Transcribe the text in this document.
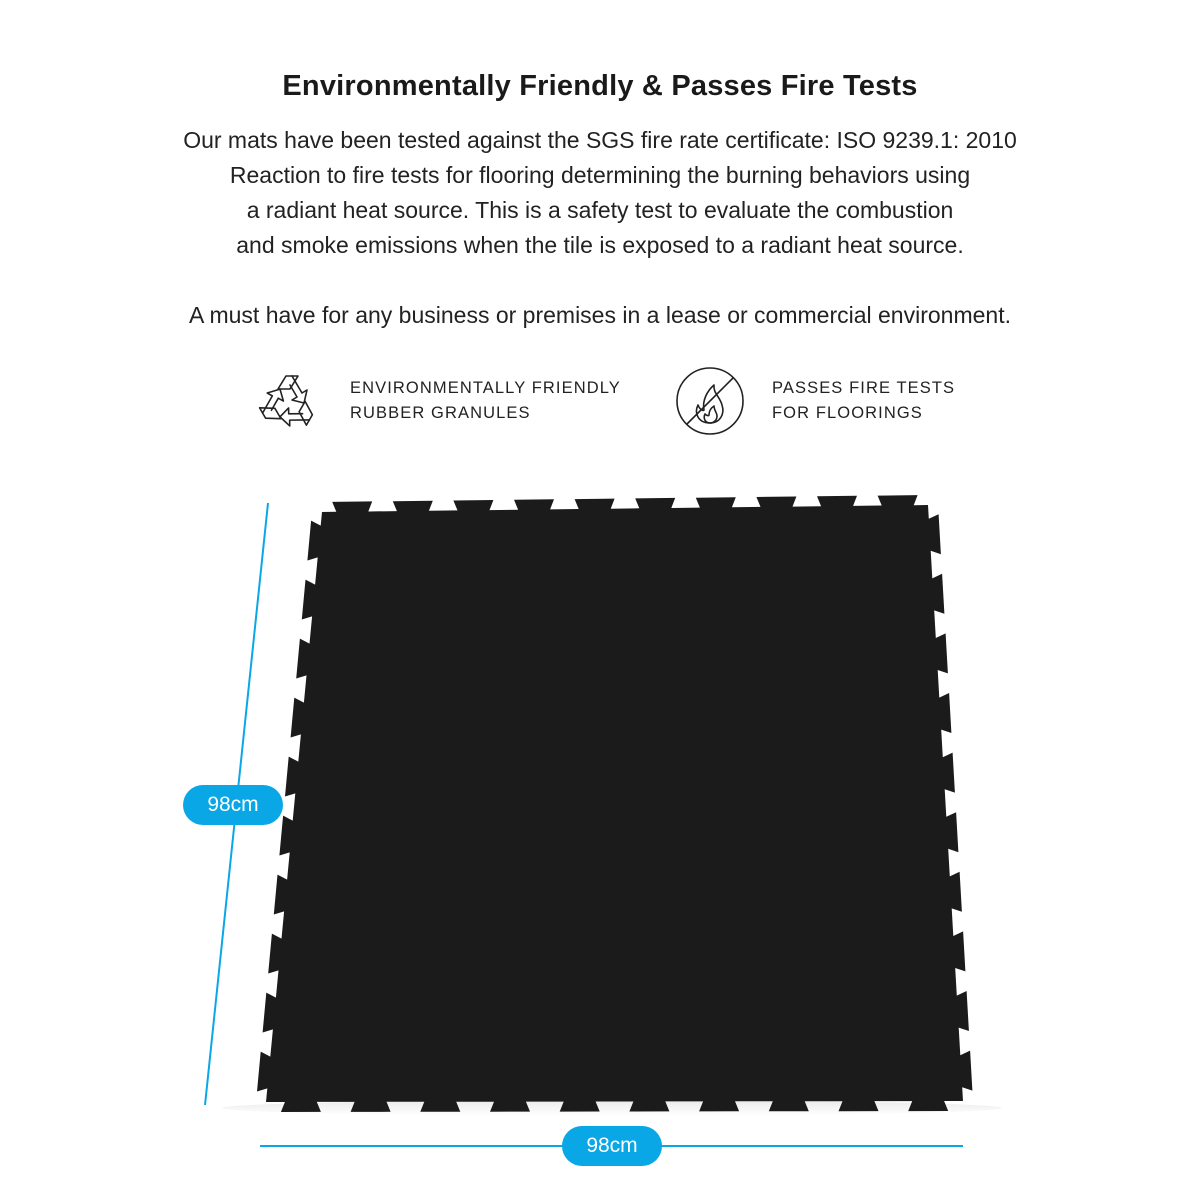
Environmentally Friendly & Passes Fire Tests
Our mats have been tested against the SGS fire rate certificate: ISO 9239.1: 2010
Reaction to fire tests for flooring determining the burning behaviors using
a radiant heat source. This is a safety test to evaluate the combustion
and smoke emissions when the tile is exposed to a radiant heat source.
A must have for any business or premises in a lease or commercial environment.
ENVIRONMENTALLY FRIENDLY
RUBBER GRANULES
PASSES FIRE TESTS
FOR FLOORINGS
98cm
98cm
